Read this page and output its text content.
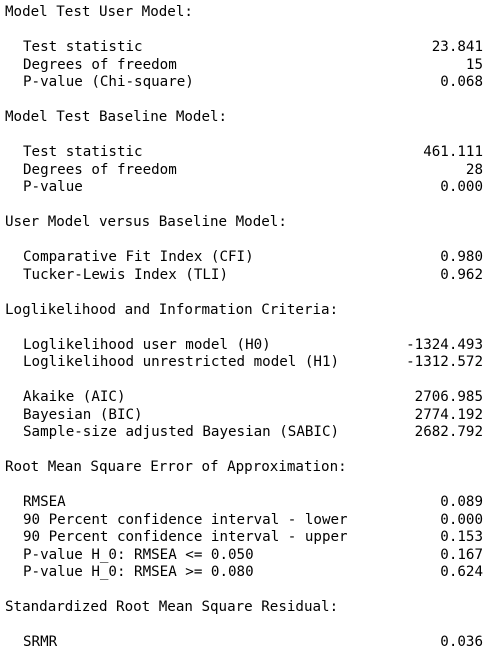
Model Test User Model:
Test statistic	23.841
Degrees of freedom	15
P-value (Chi-square)	0.068
Model Test Baseline Model:
Test statistic	461.111
Degrees of freedom	28
P-value	0.000
User Model versus Baseline Model:
Comparative Fit Index (CFI)	0.980
Tucker-Lewis Index (TLI)	0.962
Loglikelihood and Information Criteria:
Loglikelihood user model (H0)	-1324.493
Loglikelihood unrestricted model (H1)	-1312.572
Akaike (AIC)	2706.985
Bayesian (BIC)	2774.192
Sample-size adjusted Bayesian (SABIC)	2682.792
Root Mean Square Error of Approximation:
RMSEA	0.089
90 Percent confidence interval - lower	0.000
90 Percent confidence interval - upper	0.153
P-value H_0: RMSEA <= 0.050	0.167
P-value H_0: RMSEA >= 0.080	0.624
Standardized Root Mean Square Residual:
SRMR	0.036
